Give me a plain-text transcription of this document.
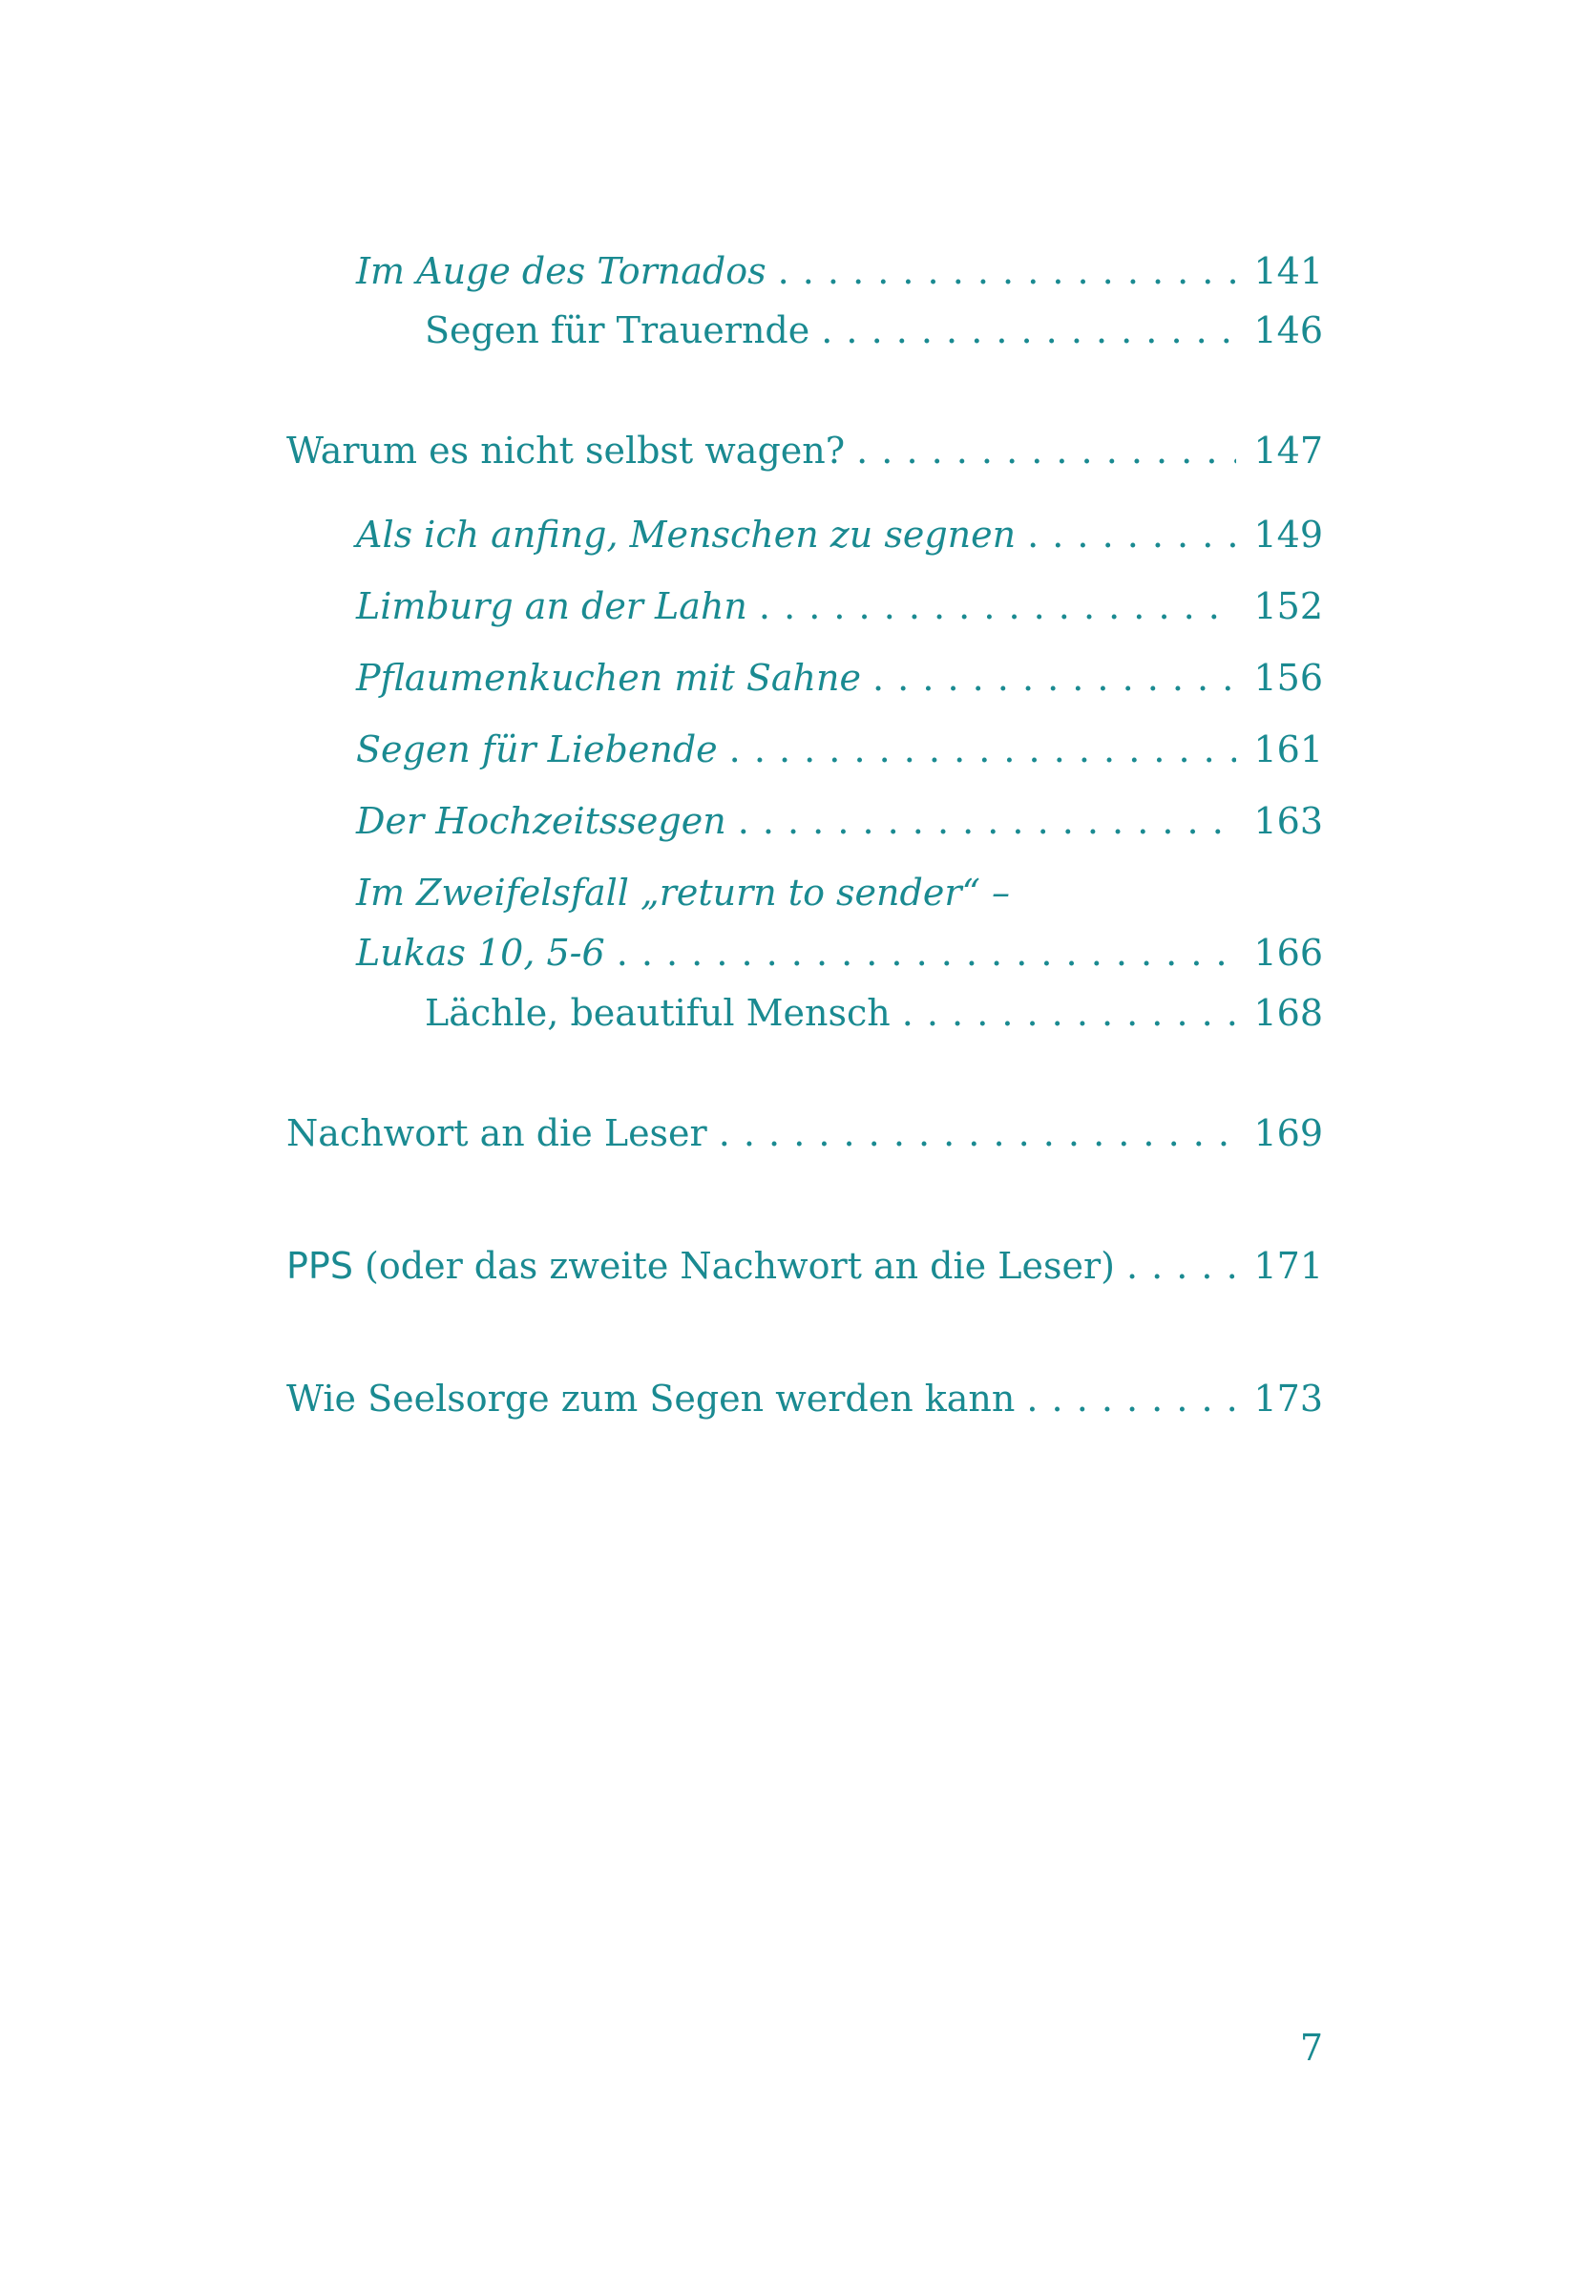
Im Auge des Tornados . . .	141
Segen für Trauernde . . .	146
Warum es nicht selbst wagen? . . .	147
Als ich anfing, Menschen zu segnen . . .	149
Limburg an der Lahn . . .	152
Pflaumenkuchen mit Sahne . . .	156
Segen für Liebende . . .	161
Der Hochzeitssegen . . .	163
Im Zweifelsfall „return to sender“ –
Lukas 10, 5-6 . . .	166
Lächle, beautiful Mensch . . .	168
Nachwort an die Leser . . .	169
PPS (oder das zweite Nachwort an die Leser) . . .	171
Wie Seelsorge zum Segen werden kann . . .	173
7
